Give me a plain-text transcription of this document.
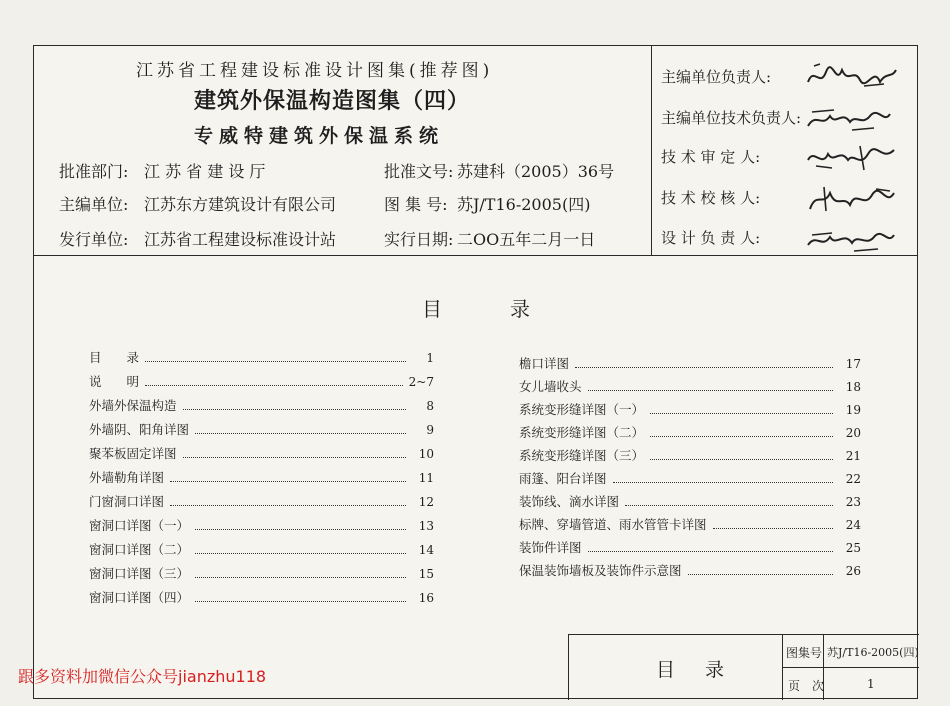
江苏省工程建设标准设计图集(推荐图)
建筑外保温构造图集（四）
专威特建筑外保温系统
批准部门: 江 苏 省 建 设 厅
主编单位: 江苏东方建筑设计有限公司
发行单位: 江苏省工程建设标准设计站
批准文号: 苏建科（2005）36号
图 集 号: 苏J/T16-2005(四)
实行日期: 二OO五年二月一日
主编单位负责人:
主编单位技术负责人:
技 术 审 定 人:
技 术 校 核 人:
设 计 负 责 人:
目	录
目　　录	1
说　　明	2~7
外墙外保温构造	8
外墙阴、阳角详图	9
聚苯板固定详图	10
外墙勒角详图	11
门窗洞口详图	12
窗洞口详图（一）	13
窗洞口详图（二）	14
窗洞口详图（三）	15
窗洞口详图（四）	16
檐口详图	17
女儿墙收头	18
系统变形缝详图（一）	19
系统变形缝详图（二）	20
系统变形缝详图（三）	21
雨篷、阳台详图	22
装饰线、滴水详图	23
标牌、穿墙管道、雨水管管卡详图	24
装饰件详图	25
保温装饰墙板及装饰件示意图	26
目 录
图集号 苏J/T16-2005(四)
页　次	1
跟多资料加微信公众号jianzhu118
